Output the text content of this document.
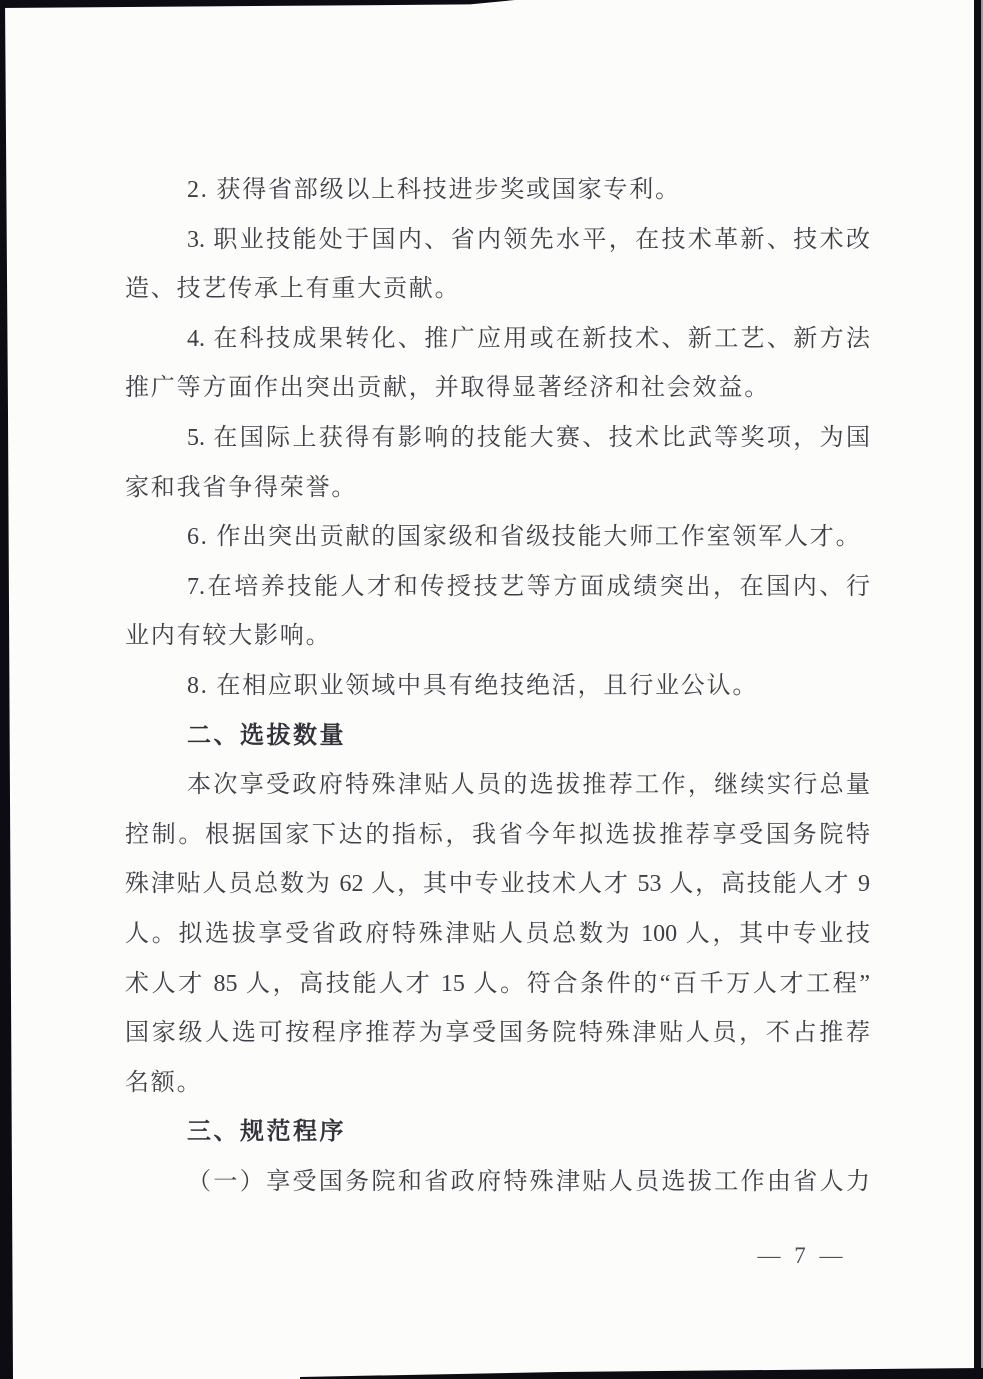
2. 获得省部级以上科技进步奖或国家专利。

3. 职业技能处于国内、省内领先水平，在技术革新、技术改

造、技艺传承上有重大贡献。

4. 在科技成果转化、推广应用或在新技术、新工艺、新方法

推广等方面作出突出贡献，并取得显著经济和社会效益。

5. 在国际上获得有影响的技能大赛、技术比武等奖项，为国

家和我省争得荣誉。

6. 作出突出贡献的国家级和省级技能大师工作室领军人才。

7.在培养技能人才和传授技艺等方面成绩突出，在国内、行

业内有较大影响。

8. 在相应职业领域中具有绝技绝活，且行业公认。

二、选拔数量

本次享受政府特殊津贴人员的选拔推荐工作，继续实行总量

控制。根据国家下达的指标，我省今年拟选拔推荐享受国务院特

殊津贴人员总数为 62 人，其中专业技术人才 53 人，高技能人才 9

人。拟选拔享受省政府特殊津贴人员总数为 100 人，其中专业技

术人才 85 人，高技能人才 15 人。符合条件的“百千万人才工程”

国家级人选可按程序推荐为享受国务院特殊津贴人员，不占推荐

名额。

三、规范程序

（一）享受国务院和省政府特殊津贴人员选拔工作由省人力

— 7 —
